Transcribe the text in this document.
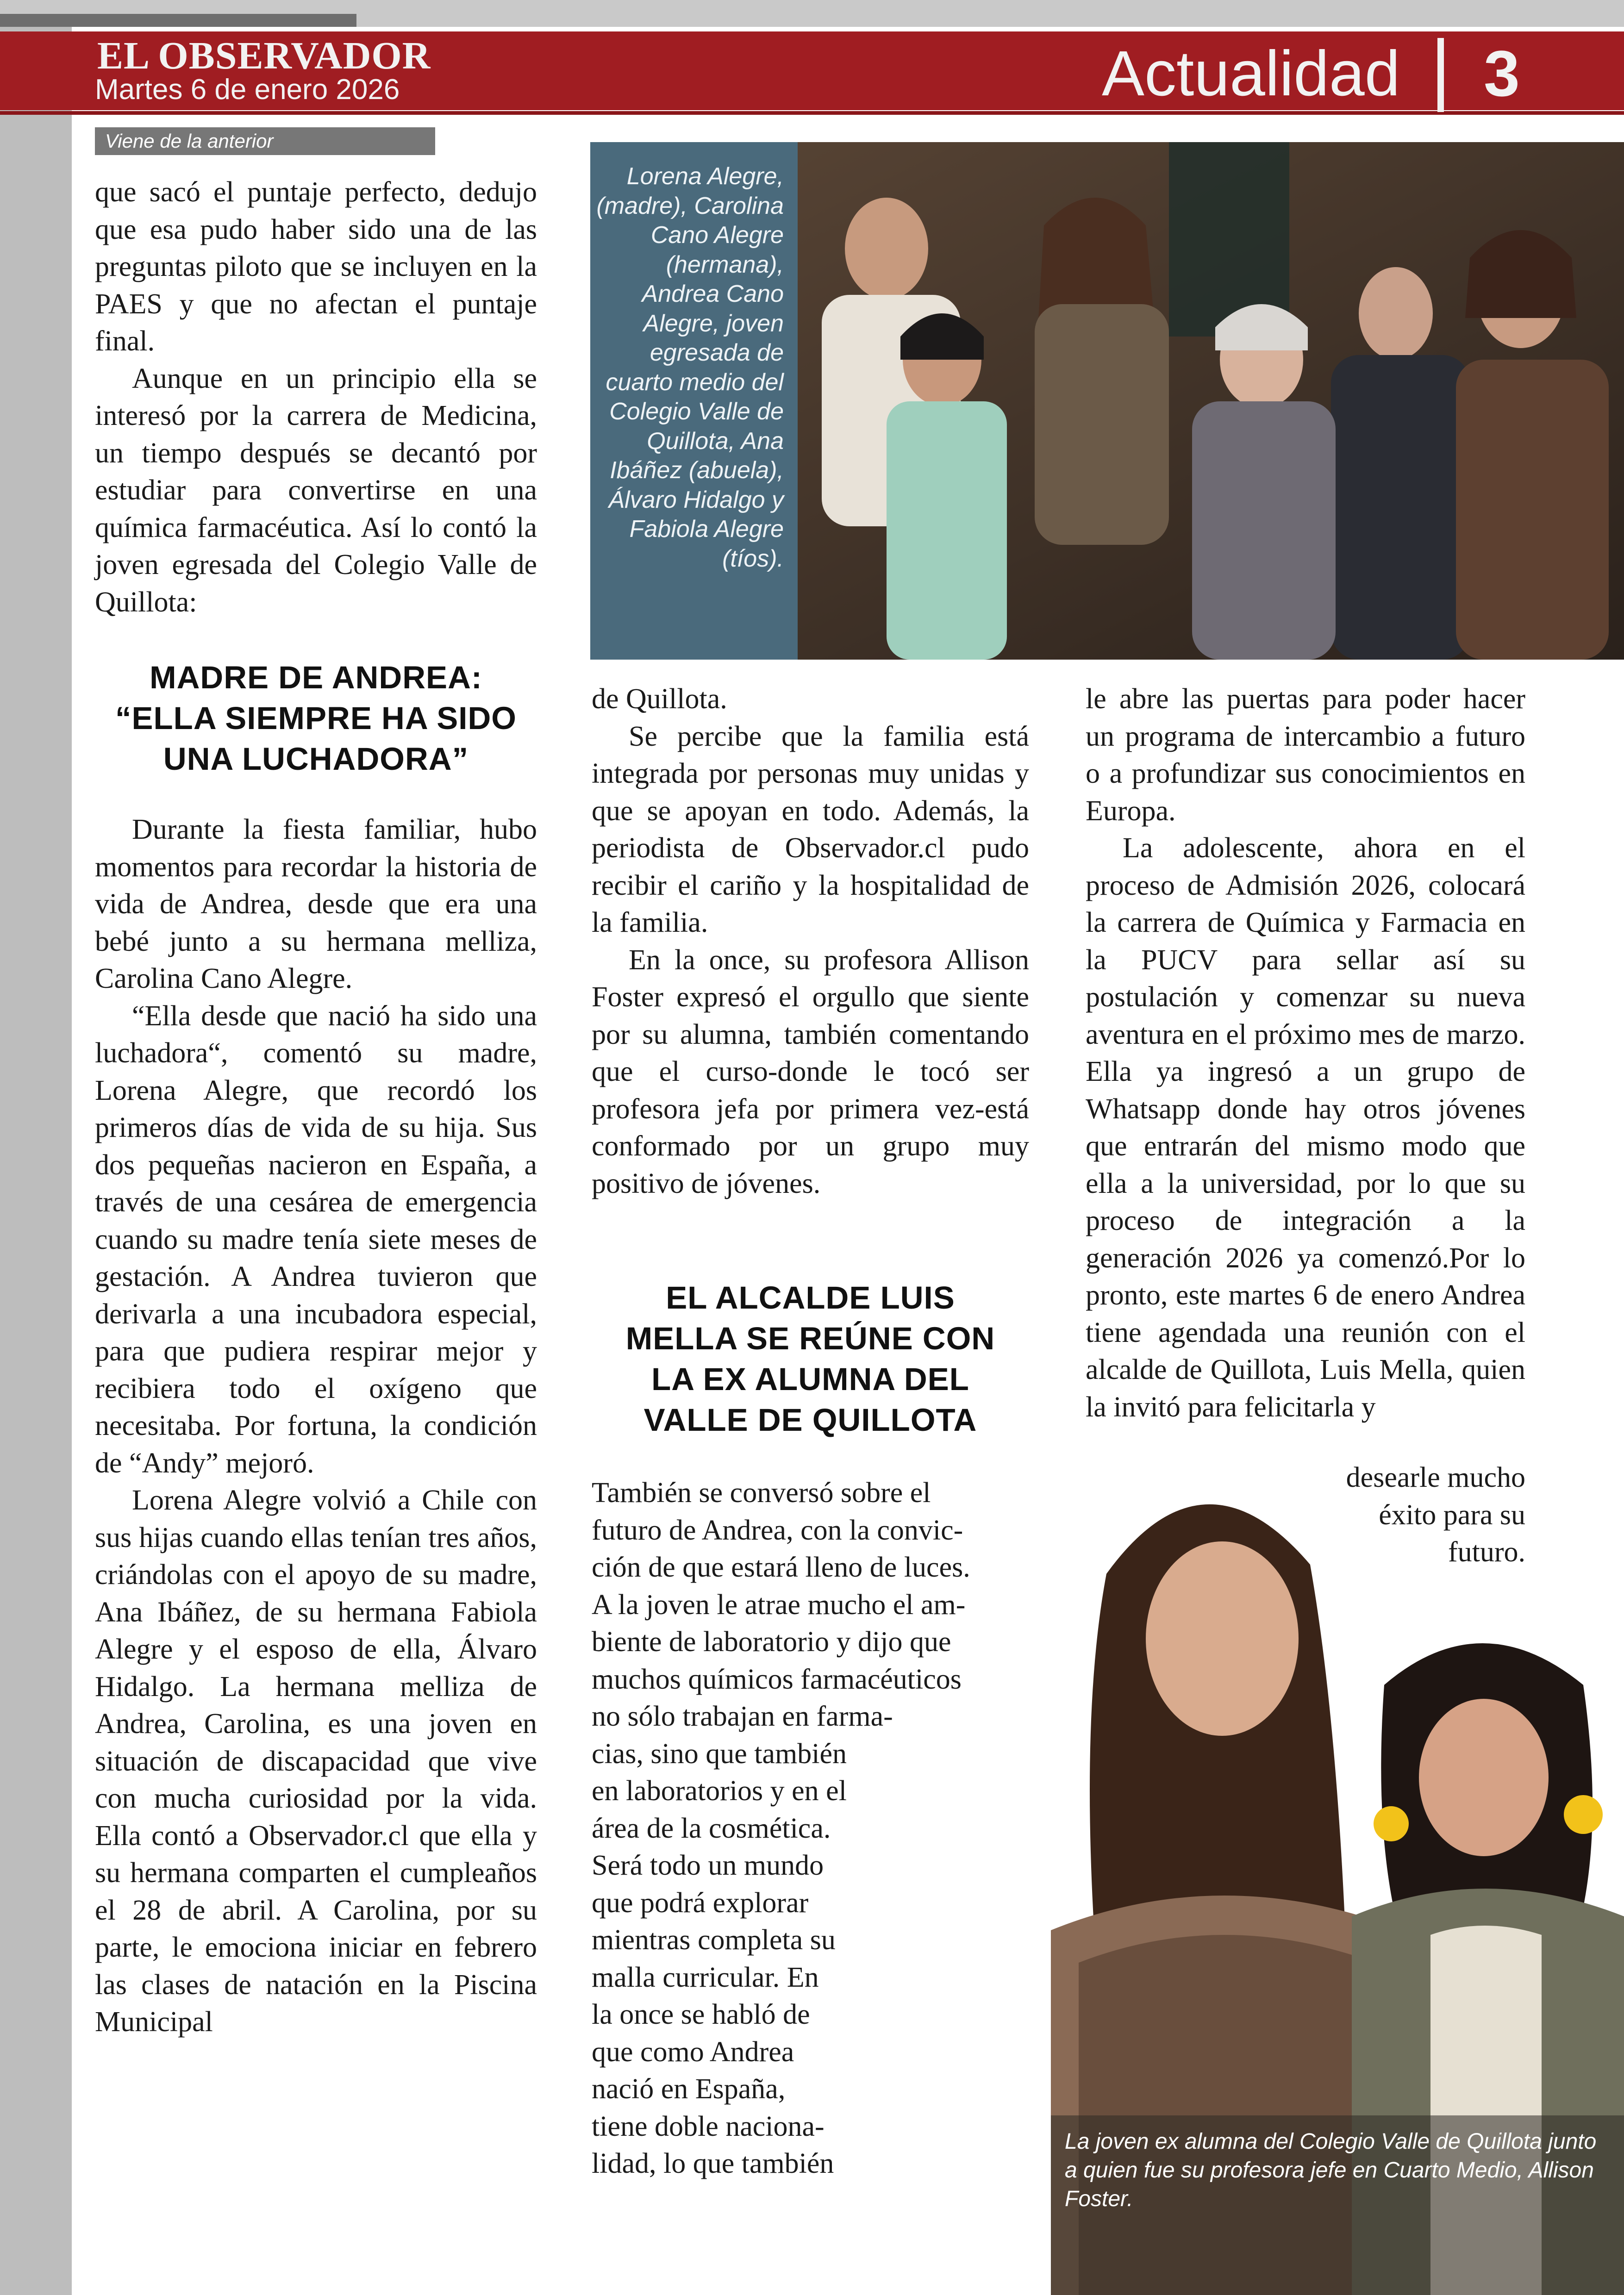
EL OBSERVADOR
Martes 6 de enero 2026	Actualidad 3
Viene de la anterior

que sacó el puntaje perfecto, dedujo que esa pudo haber sido una de las preguntas piloto que se incluyen en la PAES y que no afectan el puntaje final.

Aunque en un principio ella se interesó por la carrera de Medicina, un tiempo después se decantó por estudiar para convertirse en una química farmacéutica. Así lo contó la joven egresada del Colegio Valle de Quillota:

MADRE DE ANDREA:
“ELLA SIEMPRE HA SIDO
UNA LUCHADORA”

Durante la fiesta familiar, hubo momentos para recordar la historia de vida de Andrea, desde que era una bebé junto a su hermana melliza, Carolina Cano Alegre.

“Ella desde que nació ha sido una luchadora“, comentó su madre, Lorena Alegre, que recordó los primeros días de vida de su hija. Sus dos pequeñas nacieron en España, a través de una cesárea de emergencia cuando su madre tenía siete meses de gestación. A Andrea tuvieron que derivarla a una incubadora especial, para que pudiera respirar mejor y recibiera todo el oxígeno que necesitaba. Por fortuna, la condición de “Andy” mejoró.

Lorena Alegre volvió a Chile con sus hijas cuando ellas tenían tres años, criándolas con el apoyo de su madre, Ana Ibáñez, de su hermana Fabiola Alegre y el esposo de ella, Álvaro Hidalgo. La hermana melliza de Andrea, Carolina, es una joven en situación de discapacidad que vive con mucha curiosidad por la vida. Ella contó a Observador.cl que ella y su hermana comparten el cumpleaños el 28 de abril. A Carolina, por su parte, le emociona iniciar en febrero las clases de natación en la Piscina Municipal

Lorena Alegre, (madre), Carolina Cano Alegre (hermana), Andrea Cano Alegre, joven egresada de cuarto medio del Colegio Valle de Quillota, Ana Ibáñez (abuela), Álvaro Hidalgo y Fabiola Alegre (tíos).

de Quillota.

Se percibe que la familia está integrada por personas muy unidas y que se apoyan en todo. Además, la periodista de Observador.cl pudo recibir el cariño y la hospitalidad de la familia.

En la once, su profesora Allison Foster expresó el orgullo que siente por su alumna, también comentando que el curso-donde le tocó ser profesora jefa por primera vez-está conformado por un grupo muy positivo de jóvenes.

EL ALCALDE LUIS
MELLA SE REÚNE CON
LA EX ALUMNA DEL
VALLE DE QUILLOTA
La joven ex alumna del Colegio Valle de Quillota junto a quien fue su profesora jefe en Cuarto Medio, Allison Foster.
También se conversó sobre el
futuro de Andrea, con la convic-
ción de que estará lleno de luces.
A la joven le atrae mucho el am-
biente de laboratorio y dijo que
muchos químicos farmacéuticos
no sólo trabajan en farma-
cias, sino que también
en laboratorios y en el
área de la cosmética.
Será todo un mundo
que podrá explorar
mientras completa su
malla curricular. En
la once se habló de
que como Andrea
nació en España,
tiene doble naciona-
lidad, lo que también

le abre las puertas para poder hacer un programa de intercambio a futuro o a profundizar sus conocimientos en Europa.

La adolescente, ahora en el proceso de Admisión 2026, colocará la carrera de Química y Farmacia en la PUCV para sellar así su postulación y comenzar su nueva aventura en el próximo mes de marzo. Ella ya ingresó a un grupo de Whatsapp donde hay otros jóvenes que entrarán del mismo modo que ella a la universidad, por lo que su proceso de integración a la generación 2026 ya comenzó.Por lo pronto, este martes 6 de enero Andrea tiene agendada una reunión con el alcalde de Quillota, Luis Mella, quien la invitó para felicitarla y

desearle mucho
éxito para su
futuro.
